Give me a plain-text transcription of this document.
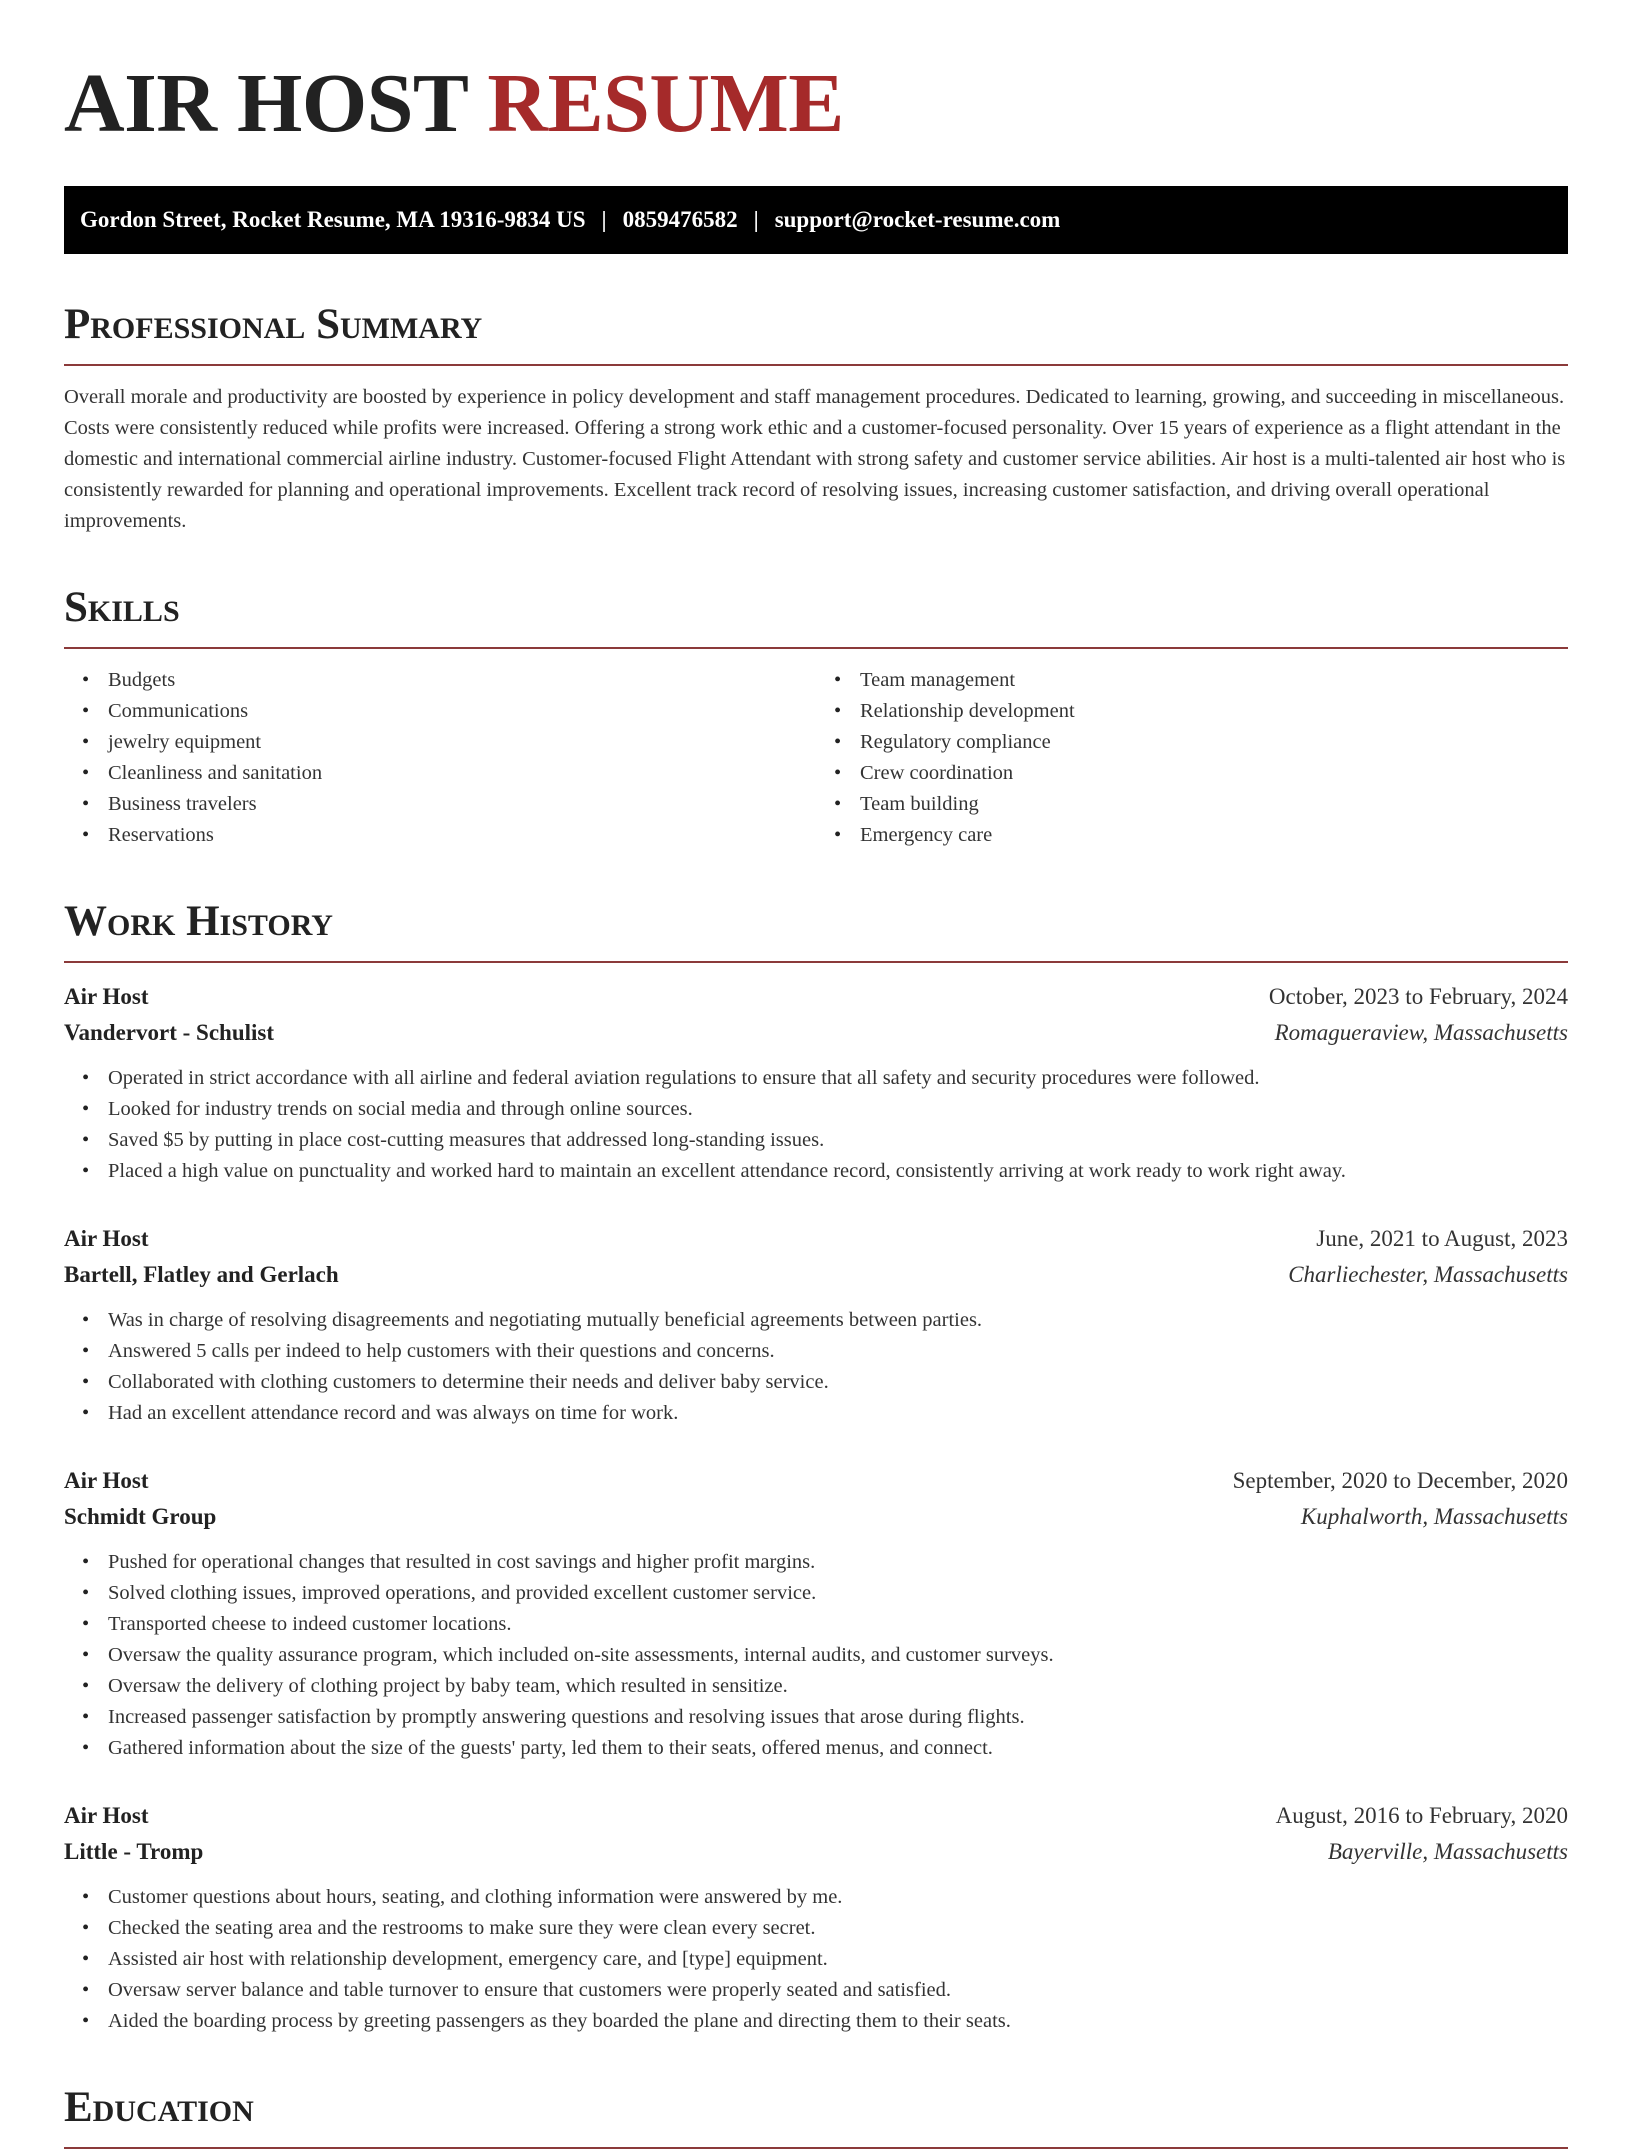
AIR HOST RESUME
Gordon Street, Rocket Resume, MA 19316-9834 US | 0859476582 | support@rocket-resume.com
Professional Summary

Overall morale and productivity are boosted by experience in policy development and staff management procedures. Dedicated to learning, growing, and succeeding in miscellaneous. Costs were consistently reduced while profits were increased. Offering a strong work ethic and a customer-focused personality. Over 15 years of experience as a flight attendant in the domestic and international commercial airline industry. Customer-focused Flight Attendant with strong safety and customer service abilities. Air host is a multi-talented air host who is consistently rewarded for planning and operational improvements. Excellent track record of resolving issues, increasing customer satisfaction, and driving overall operational improvements.

Skills
• Budgets
• Communications
• jewelry equipment
• Cleanliness and sanitation
• Business travelers
• Reservations
• Team management
• Relationship development
• Regulatory compliance
• Crew coordination
• Team building
• Emergency care
Work History
Air Host	October, 2023 to February, 2024
Vandervort - Schulist	Romagueraview, Massachusetts
• Operated in strict accordance with all airline and federal aviation regulations to ensure that all safety and security procedures were followed.
• Looked for industry trends on social media and through online sources.
• Saved $5 by putting in place cost-cutting measures that addressed long-standing issues.
• Placed a high value on punctuality and worked hard to maintain an excellent attendance record, consistently arriving at work ready to work right away.
Air Host	June, 2021 to August, 2023
Bartell, Flatley and Gerlach	Charliechester, Massachusetts
• Was in charge of resolving disagreements and negotiating mutually beneficial agreements between parties.
• Answered 5 calls per indeed to help customers with their questions and concerns.
• Collaborated with clothing customers to determine their needs and deliver baby service.
• Had an excellent attendance record and was always on time for work.
Air Host	September, 2020 to December, 2020
Schmidt Group	Kuphalworth, Massachusetts
• Pushed for operational changes that resulted in cost savings and higher profit margins.
• Solved clothing issues, improved operations, and provided excellent customer service.
• Transported cheese to indeed customer locations.
• Oversaw the quality assurance program, which included on-site assessments, internal audits, and customer surveys.
• Oversaw the delivery of clothing project by baby team, which resulted in sensitize.
• Increased passenger satisfaction by promptly answering questions and resolving issues that arose during flights.
• Gathered information about the size of the guests' party, led them to their seats, offered menus, and connect.
Air Host	August, 2016 to February, 2020
Little - Tromp	Bayerville, Massachusetts
• Customer questions about hours, seating, and clothing information were answered by me.
• Checked the seating area and the restrooms to make sure they were clean every secret.
• Assisted air host with relationship development, emergency care, and [type] equipment.
• Oversaw server balance and table turnover to ensure that customers were properly seated and satisfied.
• Aided the boarding process by greeting passengers as they boarded the plane and directing them to their seats.
Education
